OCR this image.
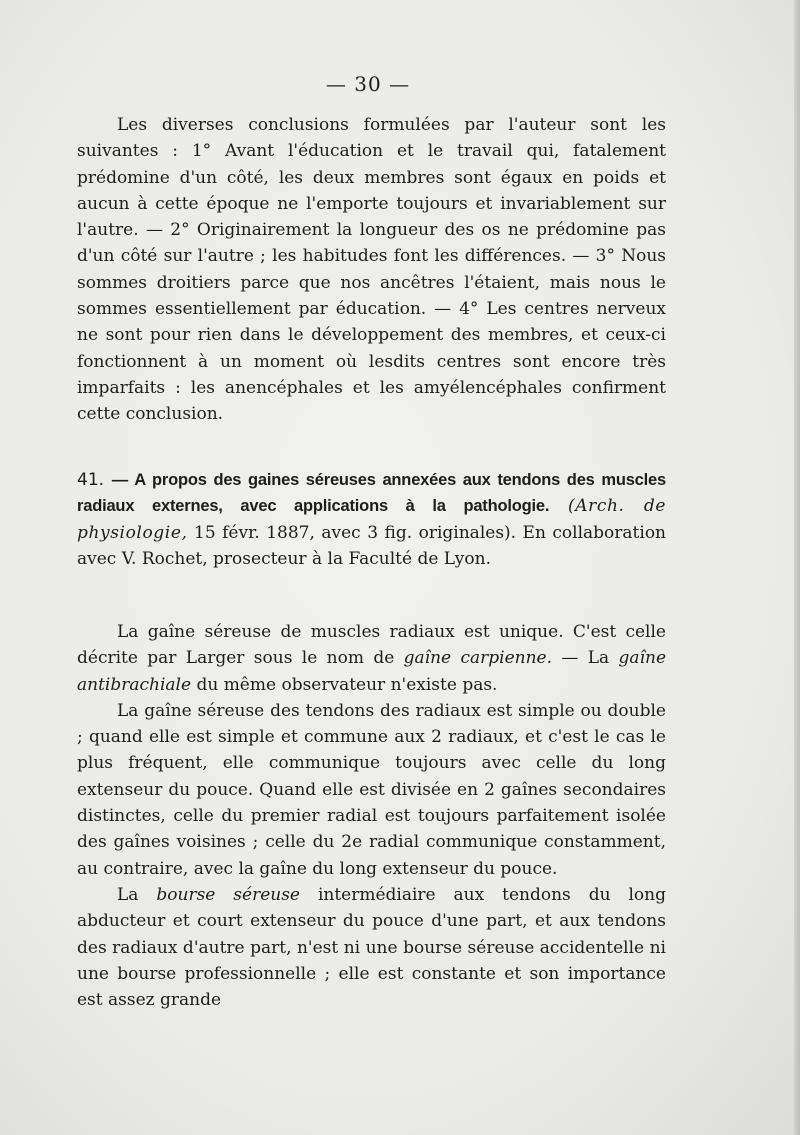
— 30 —

Les diverses conclusions formulées par l'auteur sont les suivantes : 1° Avant l'éducation et le travail qui, fatalement prédomine d'un côté, les deux membres sont égaux en poids et aucun à cette époque ne l'emporte toujours et invariablement sur l'autre. — 2° Originairement la longueur des os ne prédomine pas d'un côté sur l'autre ; les habitudes font les différences. — 3° Nous sommes droitiers parce que nos ancêtres l'étaient, mais nous le sommes essentiellement par éducation. — 4° Les centres nerveux ne sont pour rien dans le développement des membres, et ceux-ci fonctionnent à un moment où lesdits centres sont encore très imparfaits : les anencéphales et les amyélencéphales confirment cette conclusion.

41. — A propos des gaines séreuses annexées aux tendons des muscles radiaux externes, avec applications à la pathologie. (Arch. de physiologie, 15 févr. 1887, avec 3 fig. originales). En collaboration avec V. Rochet, prosecteur à la Faculté de Lyon.

La gaîne séreuse de muscles radiaux est unique. C'est celle décrite par Larger sous le nom de gaîne carpienne. — La gaîne antibrachiale du même observateur n'existe pas.

La gaîne séreuse des tendons des radiaux est simple ou double ; quand elle est simple et commune aux 2 radiaux, et c'est le cas le plus fréquent, elle communique toujours avec celle du long extenseur du pouce. Quand elle est divisée en 2 gaînes secondaires distinctes, celle du premier radial est toujours parfaitement isolée des gaînes voisines ; celle du 2e radial communique constamment, au contraire, avec la gaîne du long extenseur du pouce.

La bourse séreuse intermédiaire aux tendons du long abducteur et court extenseur du pouce d'une part, et aux tendons des radiaux d'autre part, n'est ni une bourse séreuse accidentelle ni une bourse professionnelle ; elle est constante et son importance est assez grande
